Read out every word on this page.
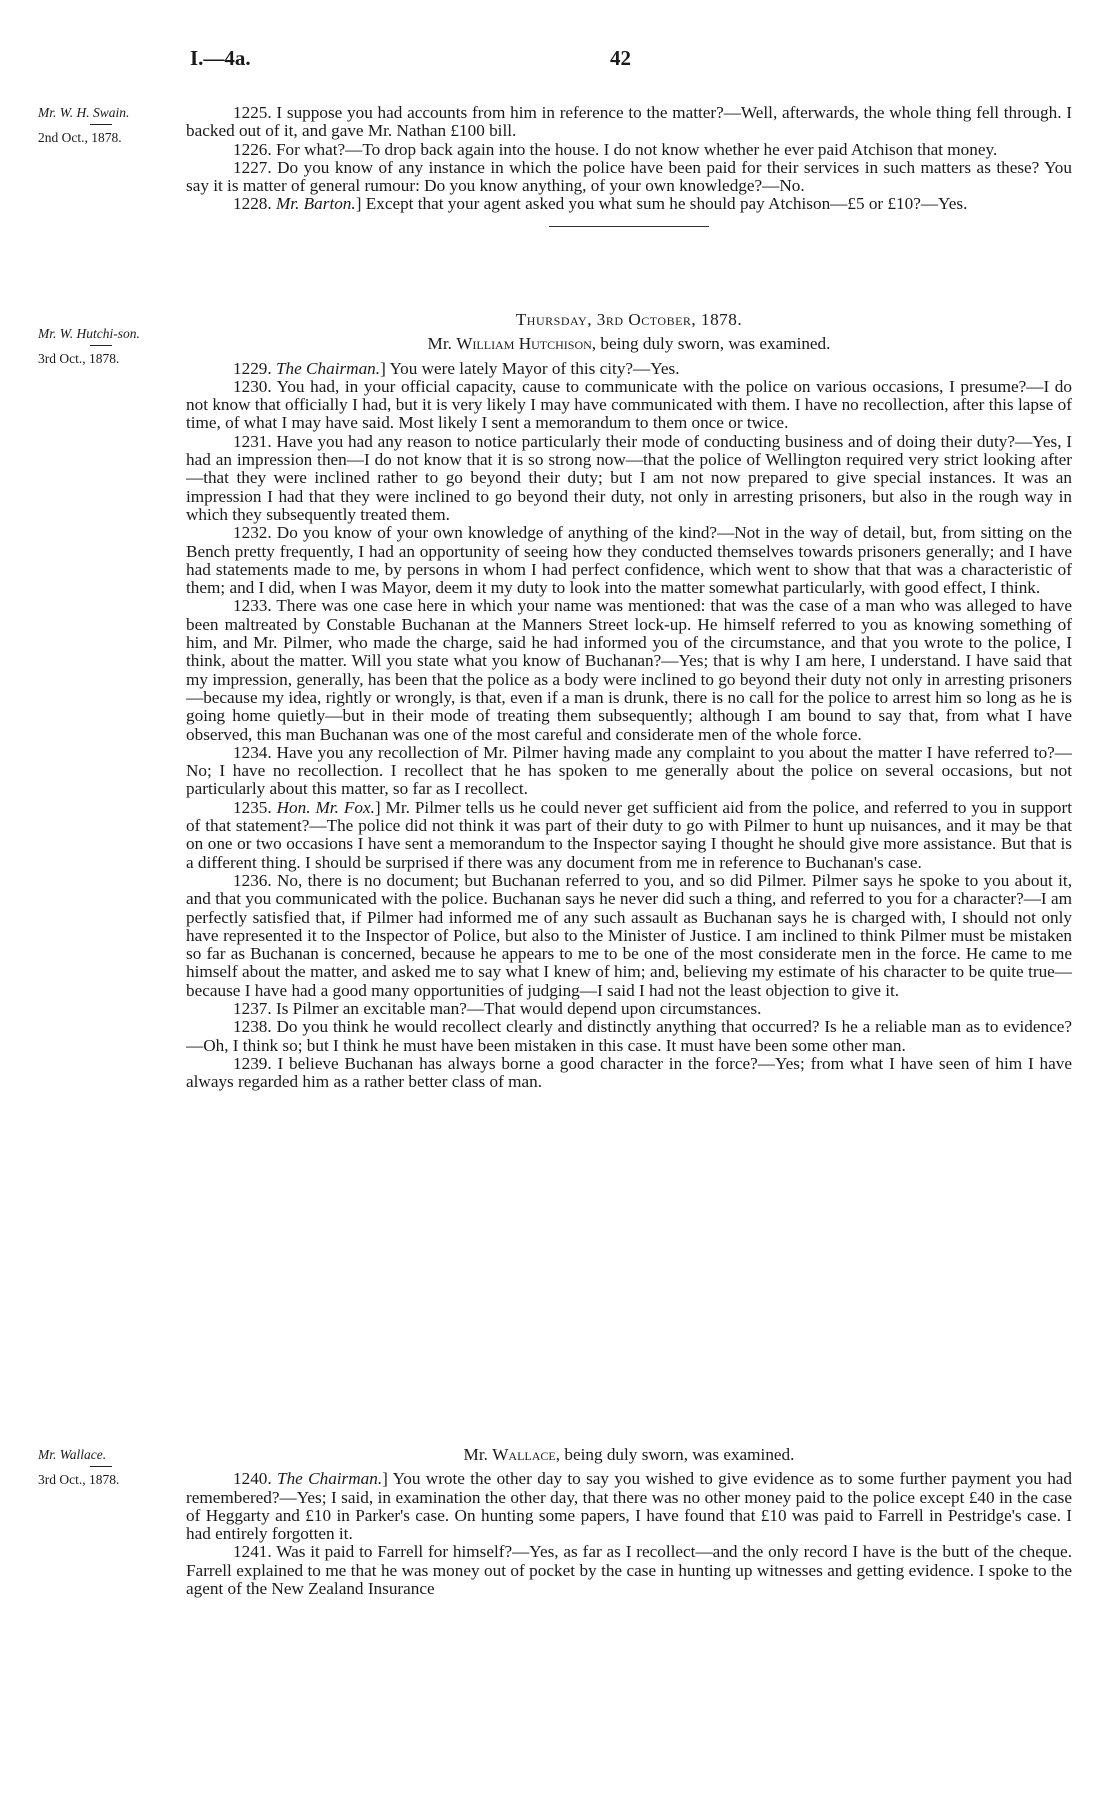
I.—4a.	42
Mr. W. H. Swain.
2nd Oct., 1878.
Mr. W. Hutchi-son.
3rd Oct., 1878.
Mr. Wallace.
3rd Oct., 1878.

1225. I suppose you had accounts from him in reference to the matter?—Well, afterwards, the whole thing fell through. I backed out of it, and gave Mr. Nathan £100 bill.

1226. For what?—To drop back again into the house. I do not know whether he ever paid Atchison that money.

1227. Do you know of any instance in which the police have been paid for their services in such matters as these? You say it is matter of general rumour: Do you know anything, of your own knowledge?—No.

1228. Mr. Barton.] Except that your agent asked you what sum he should pay Atchison—£5 or £10?—Yes.

Thursday, 3rd October, 1878.

Mr. William Hutchison, being duly sworn, was examined.

1229. The Chairman.] You were lately Mayor of this city?—Yes.

1230. You had, in your official capacity, cause to communicate with the police on various occasions, I presume?—I do not know that officially I had, but it is very likely I may have communicated with them. I have no recollection, after this lapse of time, of what I may have said. Most likely I sent a memorandum to them once or twice.

1231. Have you had any reason to notice particularly their mode of conducting business and of doing their duty?—Yes, I had an impression then—I do not know that it is so strong now—that the police of Wellington required very strict looking after—that they were inclined rather to go beyond their duty; but I am not now prepared to give special instances. It was an impression I had that they were inclined to go beyond their duty, not only in arresting prisoners, but also in the rough way in which they subsequently treated them.

1232. Do you know of your own knowledge of anything of the kind?—Not in the way of detail, but, from sitting on the Bench pretty frequently, I had an opportunity of seeing how they conducted themselves towards prisoners generally; and I have had statements made to me, by persons in whom I had perfect confidence, which went to show that that was a characteristic of them; and I did, when I was Mayor, deem it my duty to look into the matter somewhat particularly, with good effect, I think.

1233. There was one case here in which your name was mentioned: that was the case of a man who was alleged to have been maltreated by Constable Buchanan at the Manners Street lock-up. He himself referred to you as knowing something of him, and Mr. Pilmer, who made the charge, said he had informed you of the circumstance, and that you wrote to the police, I think, about the matter. Will you state what you know of Buchanan?—Yes; that is why I am here, I understand. I have said that my impression, generally, has been that the police as a body were inclined to go beyond their duty not only in arresting prisoners—because my idea, rightly or wrongly, is that, even if a man is drunk, there is no call for the police to arrest him so long as he is going home quietly—but in their mode of treating them subsequently; although I am bound to say that, from what I have observed, this man Buchanan was one of the most careful and considerate men of the whole force.

1234. Have you any recollection of Mr. Pilmer having made any complaint to you about the matter I have referred to?—No; I have no recollection. I recollect that he has spoken to me generally about the police on several occasions, but not particularly about this matter, so far as I recollect.

1235. Hon. Mr. Fox.] Mr. Pilmer tells us he could never get sufficient aid from the police, and referred to you in support of that statement?—The police did not think it was part of their duty to go with Pilmer to hunt up nuisances, and it may be that on one or two occasions I have sent a memorandum to the Inspector saying I thought he should give more assistance. But that is a different thing. I should be surprised if there was any document from me in reference to Buchanan's case.

1236. No, there is no document; but Buchanan referred to you, and so did Pilmer. Pilmer says he spoke to you about it, and that you communicated with the police. Buchanan says he never did such a thing, and referred to you for a character?—I am perfectly satisfied that, if Pilmer had informed me of any such assault as Buchanan says he is charged with, I should not only have represented it to the Inspector of Police, but also to the Minister of Justice. I am inclined to think Pilmer must be mistaken so far as Buchanan is concerned, because he appears to me to be one of the most considerate men in the force. He came to me himself about the matter, and asked me to say what I knew of him; and, believing my estimate of his character to be quite true—because I have had a good many opportunities of judging—I said I had not the least objection to give it.

1237. Is Pilmer an excitable man?—That would depend upon circumstances.

1238. Do you think he would recollect clearly and distinctly anything that occurred? Is he a reliable man as to evidence?—Oh, I think so; but I think he must have been mistaken in this case. It must have been some other man.

1239. I believe Buchanan has always borne a good character in the force?—Yes; from what I have seen of him I have always regarded him as a rather better class of man.

Mr. Wallace, being duly sworn, was examined.

1240. The Chairman.] You wrote the other day to say you wished to give evidence as to some further payment you had remembered?—Yes; I said, in examination the other day, that there was no other money paid to the police except £40 in the case of Heggarty and £10 in Parker's case. On hunting some papers, I have found that £10 was paid to Farrell in Pestridge's case. I had entirely forgotten it.

1241. Was it paid to Farrell for himself?—Yes, as far as I recollect—and the only record I have is the butt of the cheque. Farrell explained to me that he was money out of pocket by the case in hunting up witnesses and getting evidence. I spoke to the agent of the New Zealand Insurance
